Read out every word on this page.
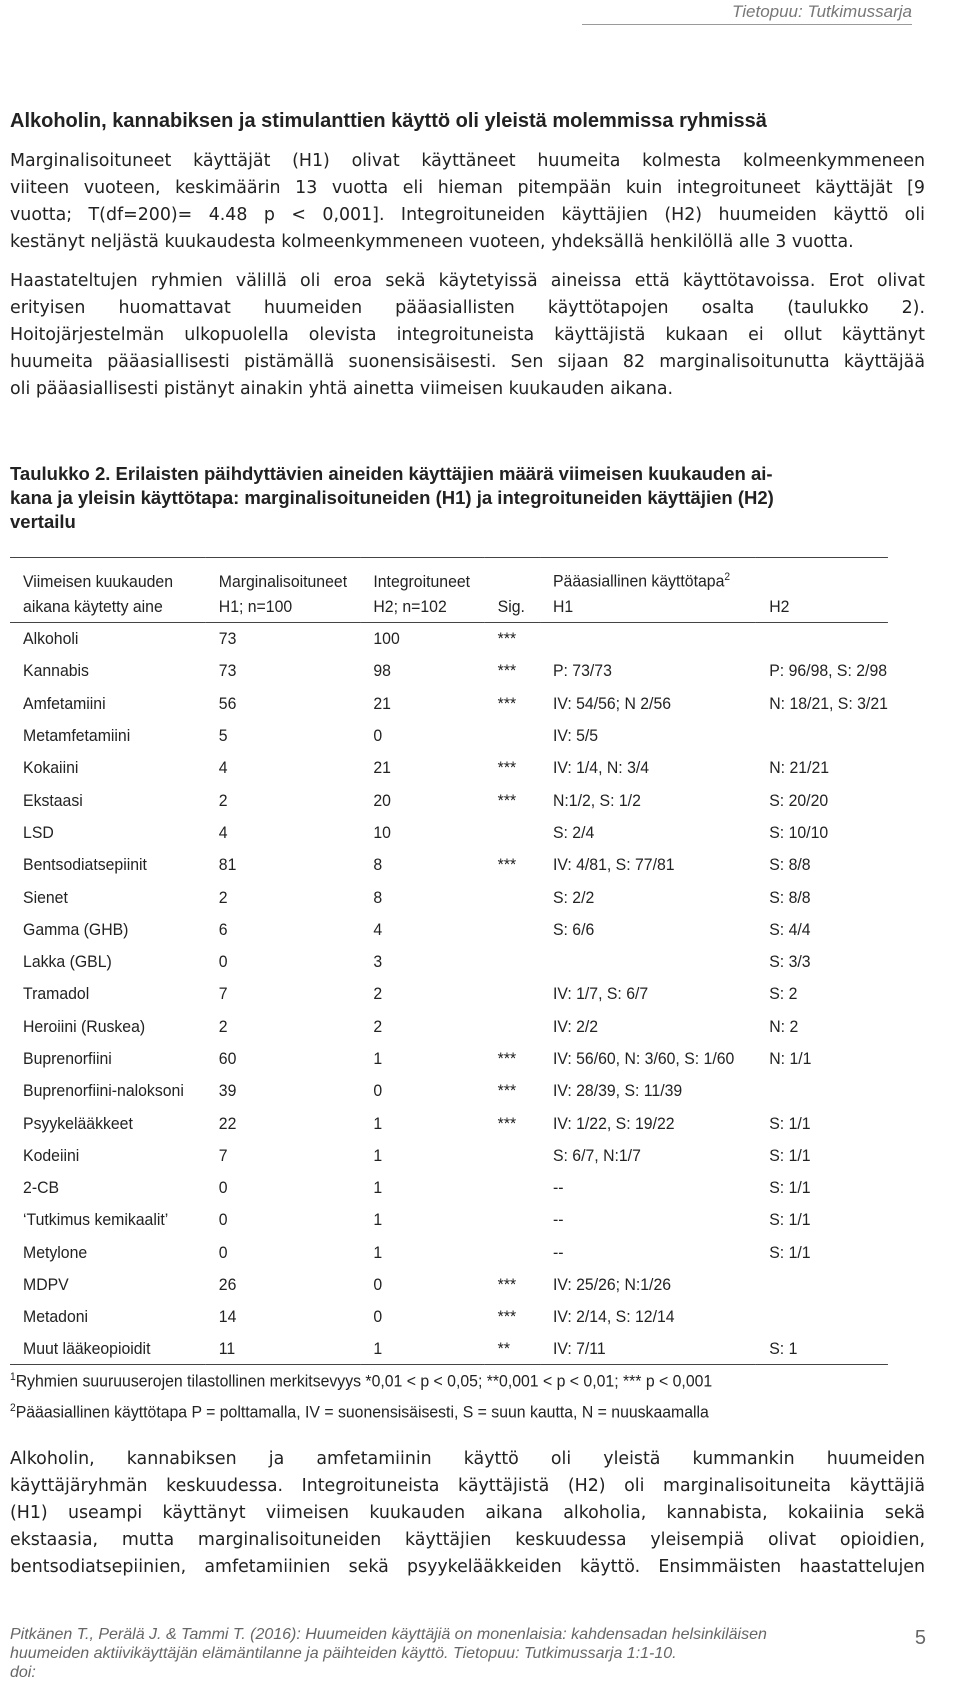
Tietopuu: Tutkimussarja
Alkoholin, kannabiksen ja stimulanttien käyttö oli yleistä molemmissa ryhmissä
Marginalisoituneet käyttäjät (H1) olivat käyttäneet huumeita kolmesta kolmeenkymmeneen
viiteen vuoteen, keskimäärin 13 vuotta eli hieman pitempään kuin integroituneet käyttäjät [9
vuotta; T(df=200)= 4.48 p < 0,001]. Integroituneiden käyttäjien (H2) huumeiden käyttö oli
kestänyt neljästä kuukaudesta kolmeenkymmeneen vuoteen, yhdeksällä henkilöllä alle 3 vuotta.
Haastateltujen ryhmien välillä oli eroa sekä käytetyissä aineissa että käyttötavoissa. Erot olivat
erityisen huomattavat huumeiden pääasiallisten käyttötapojen osalta (taulukko 2).
Hoitojärjestelmän ulkopuolella olevista integroituneista käyttäjistä kukaan ei ollut käyttänyt
huumeita pääasiallisesti pistämällä suonensisäisesti. Sen sijaan 82 marginalisoitunutta käyttäjää
oli pääasiallisesti pistänyt ainakin yhtä ainetta viimeisen kuukauden aikana.
Taulukko 2. Erilaisten päihdyttävien aineiden käyttäjien määrä viimeisen kuukauden ai-
kana ja yleisin käyttötapa: marginalisoituneiden (H1) ja integroituneiden käyttäjien (H2)
vertailu
Viimeisen kuukauden	Marginalisoituneet	Integroituneet		Pääasiallinen käyttötapa$^2$	
aikana käytetty aine	H1; n=100	H2; n=102	Sig.	H1	H2
Alkoholi	73	100	***		
Kannabis	73	98	***	P: 73/73	P: 96/98, S: 2/98
Amfetamiini	56	21	***	IV: 54/56; N 2/56	N: 18/21, S: 3/21
Metamfetamiini	5	0		IV: 5/5	
Kokaiini	4	21	***	IV: 1/4, N: 3/4	N: 21/21
Ekstaasi	2	20	***	N:1/2, S: 1/2	S: 20/20
LSD	4	10		S: 2/4	S: 10/10
Bentsodiatsepiinit	81	8	***	IV: 4/81, S: 77/81	S: 8/8
Sienet	2	8		S: 2/2	S: 8/8
Gamma (GHB)	6	4		S: 6/6	S: 4/4
Lakka (GBL)	0	3			S: 3/3
Tramadol	7	2		IV: 1/7, S: 6/7	S: 2
Heroiini (Ruskea)	2	2		IV: 2/2	N: 2
Buprenorfiini	60	1	***	IV: 56/60, N: 3/60, S: 1/60	N: 1/1
Buprenorfiini-naloksoni	39	0	***	IV: 28/39, S: 11/39	
Psyykelääkkeet	22	1	***	IV: 1/22, S: 19/22	S: 1/1
Kodeiini	7	1		S: 6/7, N:1/7	S: 1/1
2-CB	0	1		--	S: 1/1
‘Tutkimus kemikaalit’	0	1		--	S: 1/1
Metylone	0	1		--	S: 1/1
MDPV	26	0	***	IV: 25/26; N:1/26	
Metadoni	14	0	***	IV: 2/14, S: 12/14	
Muut lääkeopioidit	11	1	**	IV: 7/11	S: 1
$^1$Ryhmien suuruuserojen tilastollinen merkitsevyys *0,01 < p < 0,05; **0,001 < p < 0,01; *** p < 0,001
$^2$Pääasiallinen käyttötapa P = polttamalla, IV = suonensisäisesti, S = suun kautta, N = nuuskaamalla
Alkoholin, kannabiksen ja amfetamiinin käyttö oli yleistä kummankin huumeiden
käyttäjäryhmän keskuudessa. Integroituneista käyttäjistä (H2) oli marginalisoituneita käyttäjiä
(H1) useampi käyttänyt viimeisen kuukauden aikana alkoholia, kannabista, kokaiinia sekä
ekstaasia, mutta marginalisoituneiden käyttäjien keskuudessa yleisempiä olivat opioidien,
bentsodiatsepiinien, amfetamiinien sekä psyykelääkkeiden käyttö. Ensimmäisten haastattelujen
Pitkänen T., Perälä J. & Tammi T. (2016): Huumeiden käyttäjiä on monenlaisia: kahdensadan helsinkiläisen
huumeiden aktiivikäyttäjän elämäntilanne ja päihteiden käyttö. Tietopuu: Tutkimussarja 1:1-10.
doi:
5
